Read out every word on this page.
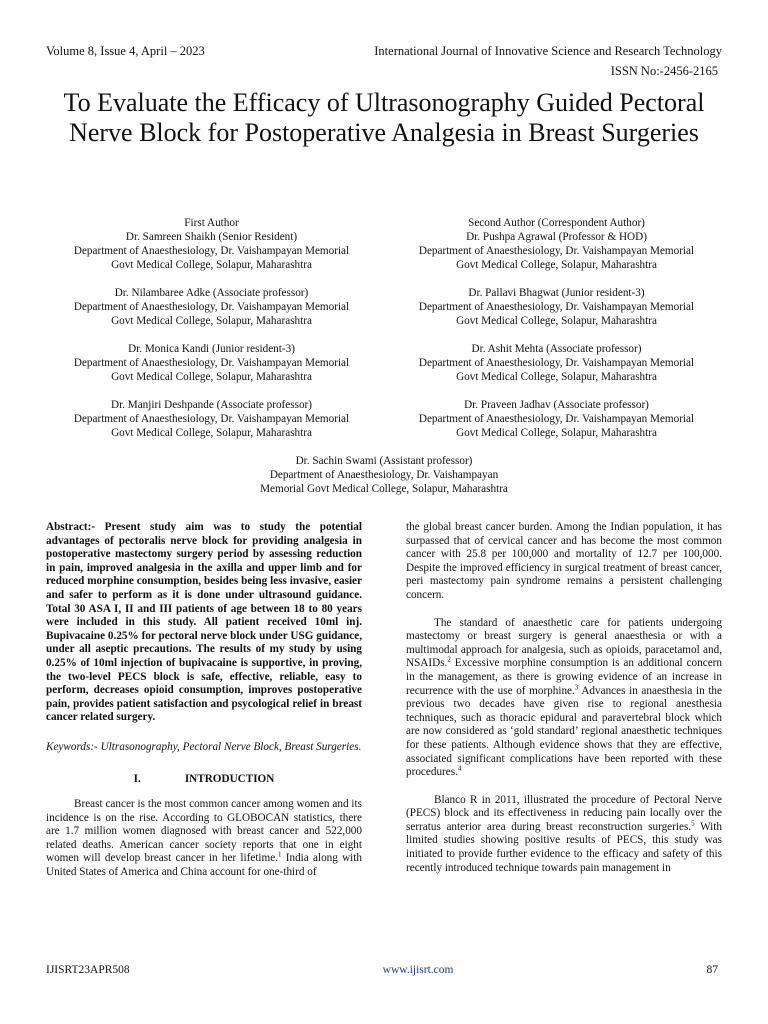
Volume 8, Issue 4, April – 2023	International Journal of Innovative Science and Research Technology
ISSN No:-2456-2165
To Evaluate the Efficacy of Ultrasonography Guided Pectoral Nerve Block for Postoperative Analgesia in Breast Surgeries
First Author
Dr. Samreen Shaikh (Senior Resident)
Department of Anaesthesiology, Dr. Vaishampayan Memorial
Govt Medical College, Solapur, Maharashtra
Second Author (Correspondent Author)
Dr. Pushpa Agrawal (Professor & HOD)
Department of Anaesthesiology, Dr. Vaishampayan Memorial
Govt Medical College, Solapur, Maharashtra
Dr. Nilambaree Adke (Associate professor)
Department of Anaesthesiology, Dr. Vaishampayan Memorial
Govt Medical College, Solapur, Maharashtra
Dr. Pallavi Bhagwat (Junior resident-3)
Department of Anaesthesiology, Dr. Vaishampayan Memorial
Govt Medical College, Solapur, Maharashtra
Dr. Monica Kandi (Junior resident-3)
Department of Anaesthesiology, Dr. Vaishampayan Memorial
Govt Medical College, Solapur, Maharashtra
Dr. Ashit Mehta (Associate professor)
Department of Anaesthesiology, Dr. Vaishampayan Memorial
Govt Medical College, Solapur, Maharashtra
Dr. Manjiri Deshpande (Associate professor)
Department of Anaesthesiology, Dr. Vaishampayan Memorial
Govt Medical College, Solapur, Maharashtra
Dr. Praveen Jadhav (Associate professor)
Department of Anaesthesiology, Dr. Vaishampayan Memorial
Govt Medical College, Solapur, Maharashtra
Dr. Sachin Swami (Assistant professor)
Department of Anaesthesiology, Dr. Vaishampayan
Memorial Govt Medical College, Solapur, Maharashtra

Abstract:- Present study aim was to study the potential advantages of pectoralis nerve block for providing analgesia in postoperative mastectomy surgery period by assessing reduction in pain, improved analgesia in the axilla and upper limb and for reduced morphine consumption, besides being less invasive, easier and safer to perform as it is done under ultrasound guidance. Total 30 ASA I, II and III patients of age between 18 to 80 years were included in this study. All patient received 10ml inj. Bupivacaine 0.25% for pectoral nerve block under USG guidance, under all aseptic precautions. The results of my study by using 0.25% of 10ml injection of bupivacaine is supportive, in proving, the two-level PECS block is safe, effective, reliable, easy to perform, decreases opioid consumption, improves postoperative pain, provides patient satisfaction and psycological relief in breast cancer related surgery.

Keywords:- Ultrasonography, Pectoral Nerve Block, Breast Surgeries.

I.	INTRODUCTION

Breast cancer is the most common cancer among women and its incidence is on the rise. According to GLOBOCAN statistics, there are 1.7 million women diagnosed with breast cancer and 522,000 related deaths. American cancer society reports that one in eight women will develop breast cancer in her lifetime.$^1$ India along with United States of America and China account for one-third of

the global breast cancer burden. Among the Indian population, it has surpassed that of cervical cancer and has become the most common cancer with 25.8 per 100,000 and mortality of 12.7 per 100,000. Despite the improved efficiency in surgical treatment of breast cancer, peri mastectomy pain syndrome remains a persistent challenging concern.

The standard of anaesthetic care for patients undergoing mastectomy or breast surgery is general anaesthesia or with a multimodal approach for analgesia, such as opioids, paracetamol and, NSAIDs.$^2$ Excessive morphine consumption is an additional concern in the management, as there is growing evidence of an increase in recurrence with the use of morphine.$^3$ Advances in anaesthesia in the previous two decades have given rise to regional anesthesia techniques, such as thoracic epidural and paravertebral block which are now considered as ‘gold standard’ regional anaesthetic techniques for these patients. Although evidence shows that they are effective, associated significant complications have been reported with these procedures.$^4$

Blanco R in 2011, illustrated the procedure of Pectoral Nerve (PECS) block and its effectiveness in reducing pain locally over the serratus anterior area during breast reconstruction surgeries.$^5$ With limited studies showing positive results of PECS, this study was initiated to provide further evidence to the efficacy and safety of this recently introduced technique towards pain management in

IJISRT23APR508	www.ijisrt.com	87
